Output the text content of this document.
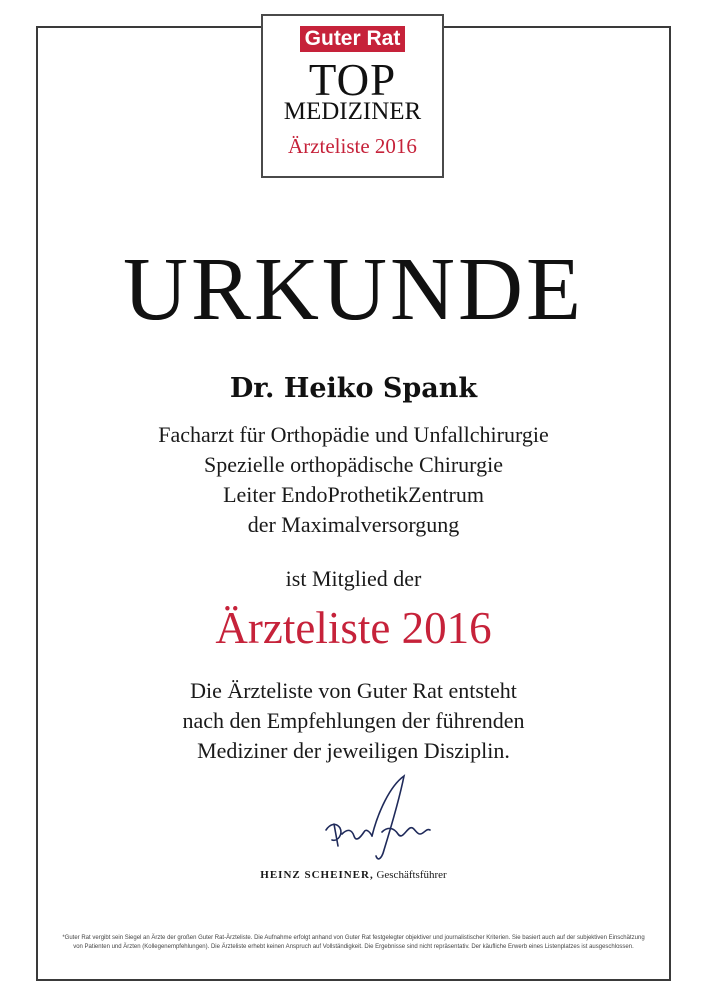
Guter Rat
TOP
MEDIZINER
Ärzteliste 2016
URKUNDE
Dr. Heiko Spank
Facharzt für Orthopädie und Unfallchirurgie
Spezielle orthopädische Chirurgie
Leiter EndoProthetikZentrum
der Maximalversorgung
ist Mitglied der
Ärzteliste 2016
Die Ärzteliste von Guter Rat entsteht
nach den Empfehlungen der führenden
Mediziner der jeweiligen Disziplin.
HEINZ SCHEINER, Geschäftsführer
*Guter Rat vergibt sein Siegel an Ärzte der großen Guter Rat-Ärzteliste. Die Aufnahme erfolgt anhand von Guter Rat festgelegter objektiver und journalistischer Kriterien. Sie basiert auch auf der subjektiven Einschätzung
von Patienten und Ärzten (Kollegenempfehlungen). Die Ärzteliste erhebt keinen Anspruch auf Vollständigkeit. Die Ergebnisse sind nicht repräsentativ. Der käufliche Erwerb eines Listenplatzes ist ausgeschlossen.
